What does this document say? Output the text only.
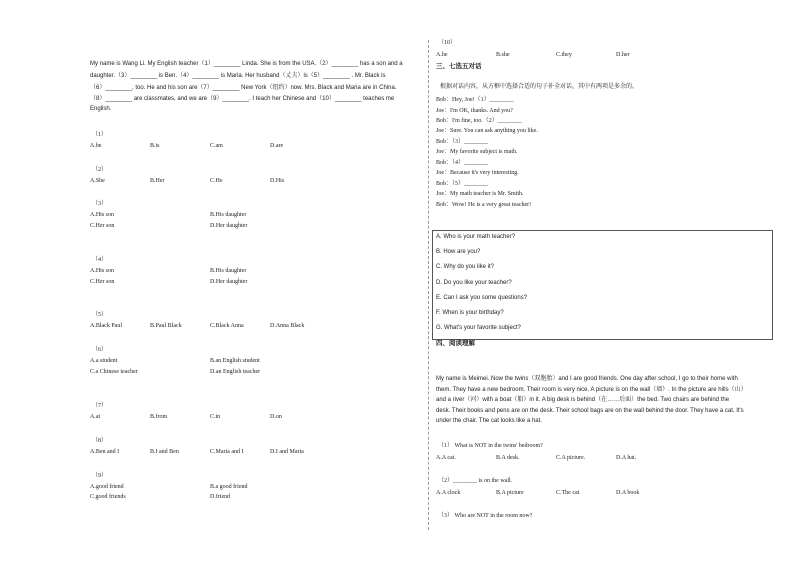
My name is Wang Li. My English teacher（1）________ Linda. She is from the USA.（2）________ has a son and a
daughter.（3）________ is Ben.（4）________ is Maria. Her husband（丈夫）is（5）________ . Mr. Black is
（6）________, too. He and his son are（7）________ New York（纽约）now. Mrs. Black and Maria are in China.
（8）________ are classmates, and we are（9）________. I teach her Chinese and（10）________ teaches me
English.
（1）
A.be	B.is	C.am	D.are
（2）
A.She	B.Her	C.He	D.His
（3）
A.His son	B.His daughter
C.Her son	D.Her daughter
（4）
A.His son	B.His daughter
C.Her son	D.Her daughter
（5）
A.Black Paul	B.Paul Black	C.Black Anna	D.Anna Black
（6）
A.a student	B.an English student
C.a Chinese teacher	D.an English teacher
（7）
A.at	B.from	C.in	D.on
（8）
A.Ben and I	B.I and Ben	C.Maria and I	D.I and Maria
（9）
A.good friend	B.a good friend
C.good friends	D.friend
（10）
A.he	B.she	C.they	D.her
三、七选五对话
根据对话内容，从方框中选择合适的句子补全对话，其中有两项是多余的。
Bob：Hey, Joe!（1）________
Joe：I'm OK, thanks. And you?
Bob：I'm fine, too.（2）________
Joe：Sure. You can ask anything you like.
Bob：（3）________
Joe：My favorite subject is math.
Bob：（4）________
Joe：Because it's very interesting.
Bob：（5）________
Joe：My math teacher is Mr. Smith.
Bob：Wow! He is a very great teacher!
A. Who is your math teacher?
B. How are you?
C. Why do you like it?
D. Do you like your teacher?
E. Can I ask you some questions?
F. When is your birthday?
G. What's your favorite subject?
四、阅读理解
My name is Meimei. Now the twins（双胞胎）and I are good friends. One day after school, I go to their home with
them. They have a new bedroom. Their room is very nice. A picture is on the wall（墙）. In the picture are hills（山）
and a river（河）with a boat（船）in it. A big desk is behind（在……后面）the bed. Two chairs are behind the
desk. Their books and pens are on the desk. Their school bags are on the wall behind the door. They have a cat. It's
under the chair. The cat looks like a hat.
（1） What is NOT in the twins' bedroom?
A.A cat.	B.A desk.	C.A picture.	D.A hat.
（2）________ is on the wall.
A.A clock	B.A picture	C.The cat	D.A book
（3） Who are NOT in the room now?
